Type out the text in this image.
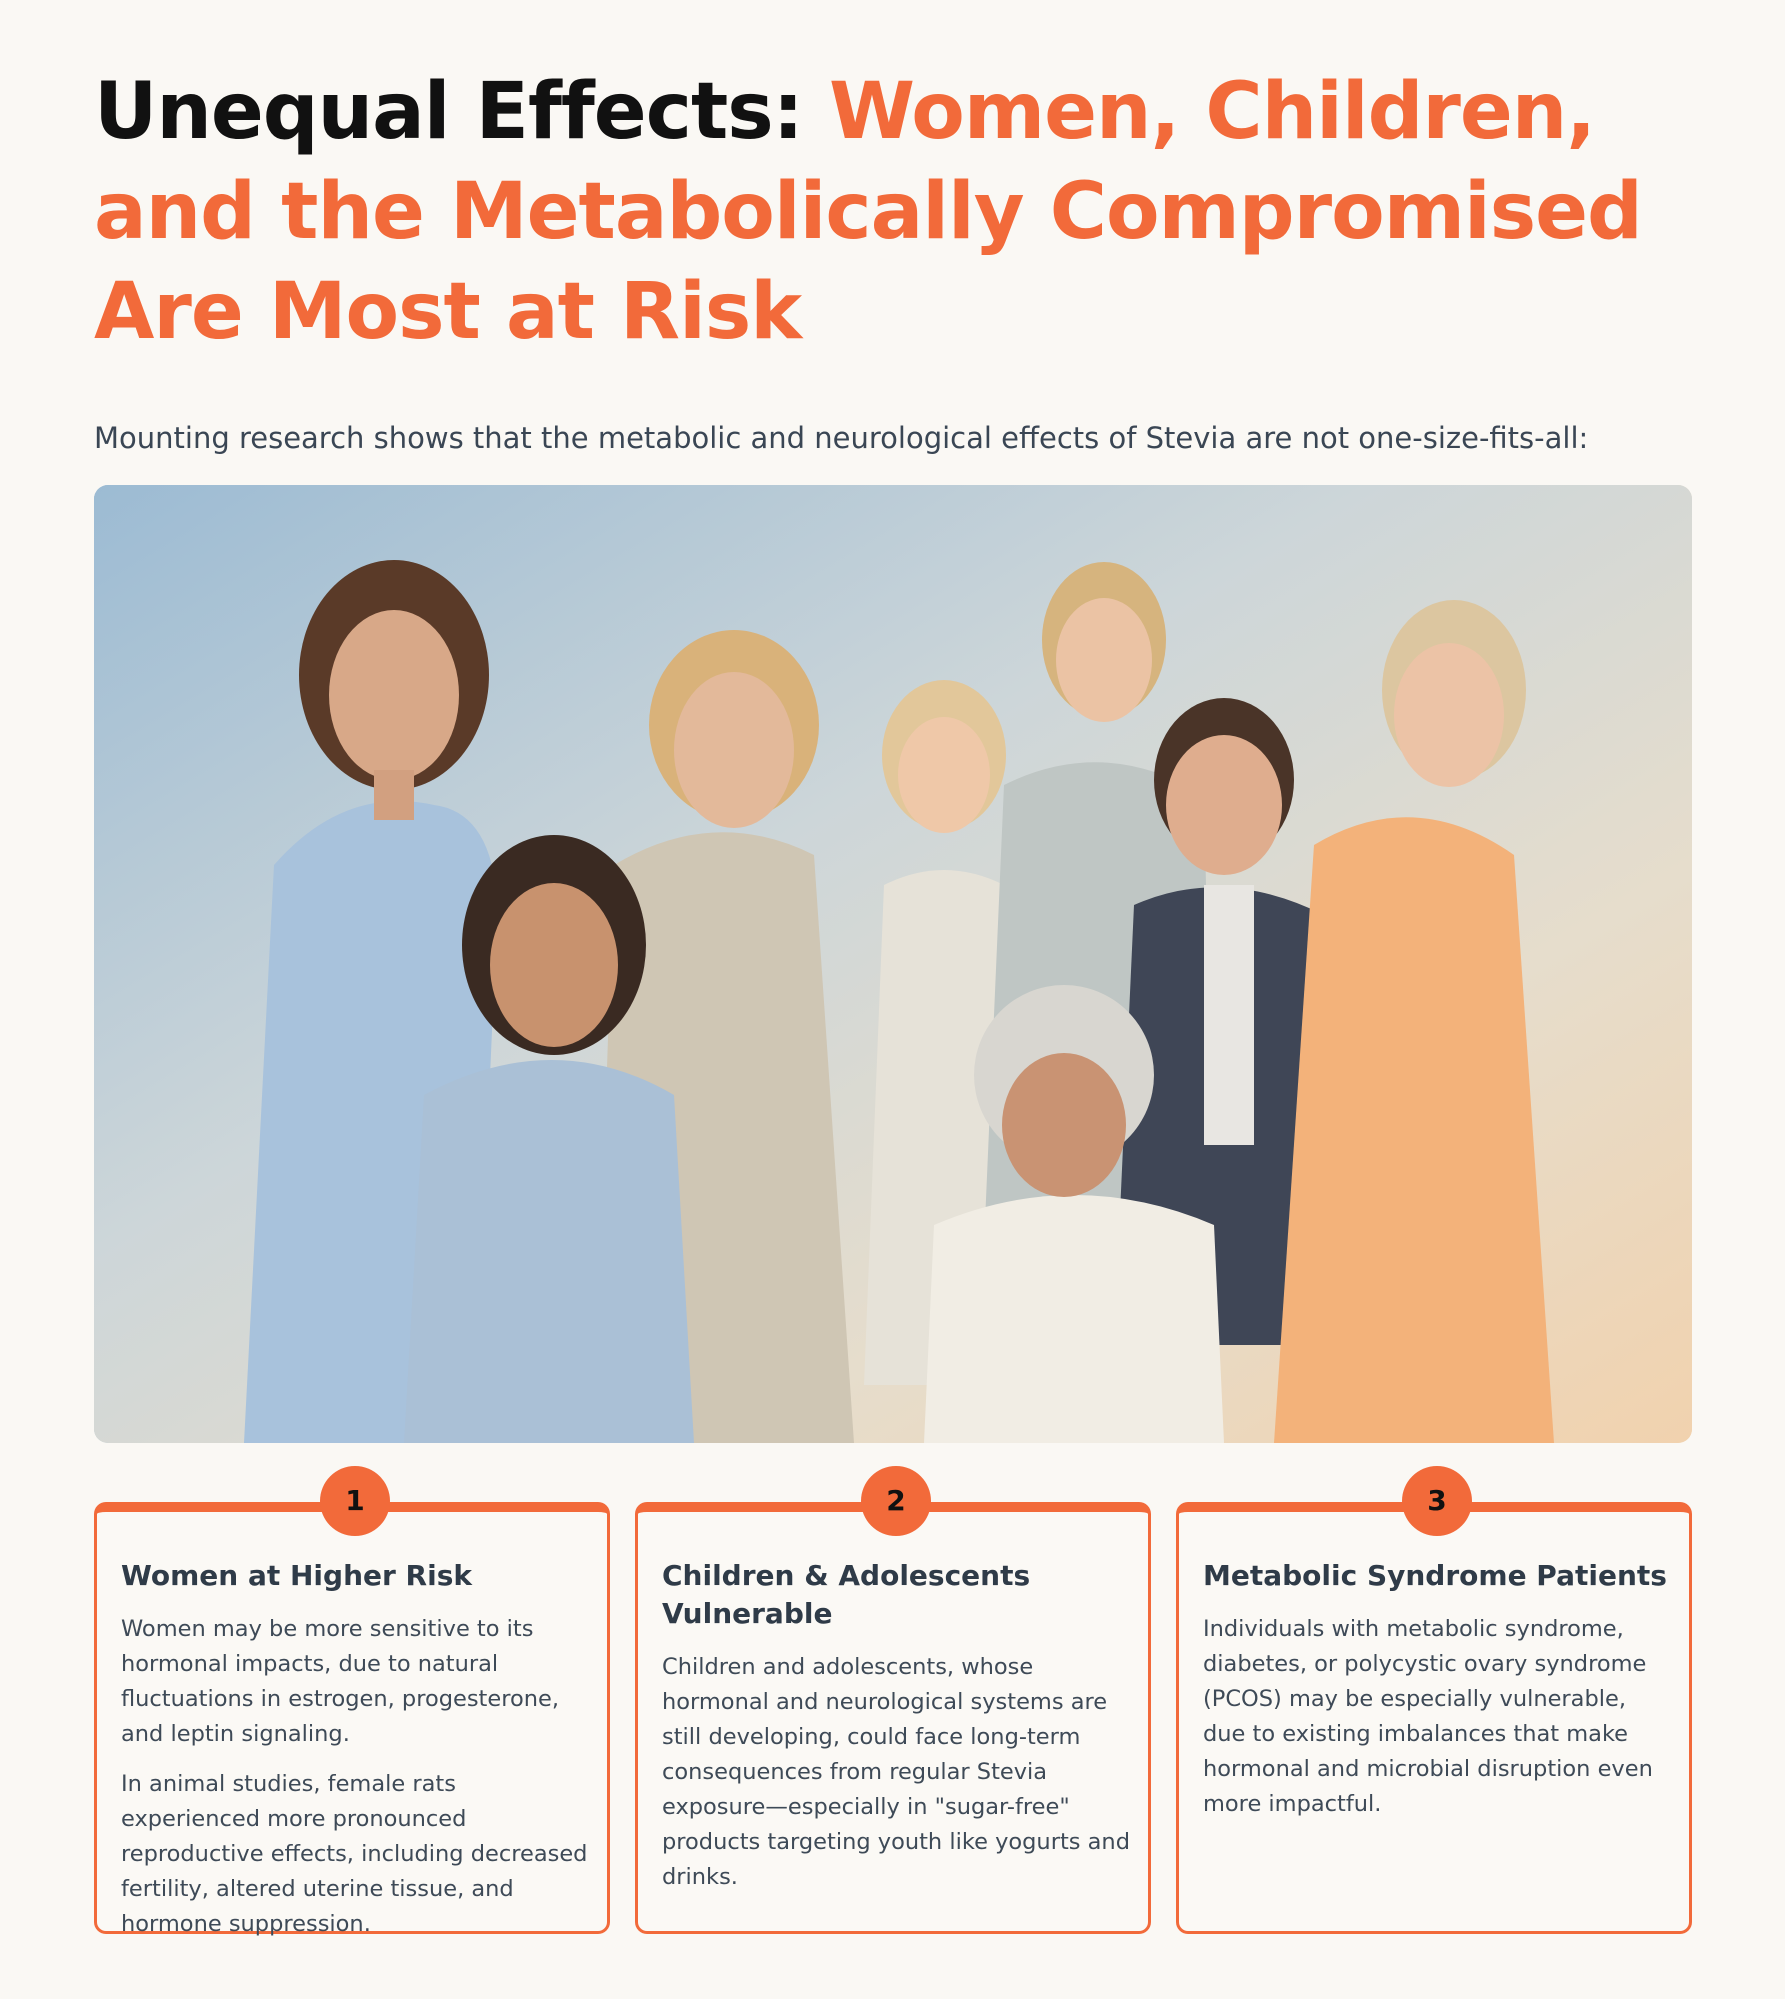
Unequal Effects: Women, Children, and the Metabolically Compromised Are Most at Risk

Mounting research shows that the metabolic and neurological effects of Stevia are not one-size-fits-all:

1
Women at Higher Risk

Women may be more sensitive to its hormonal impacts, due to natural fluctuations in estrogen, progesterone, and leptin signaling.

In animal studies, female rats experienced more pronounced reproductive effects, including decreased fertility, altered uterine tissue, and hormone suppression.

2
Children & Adolescents Vulnerable

Children and adolescents, whose hormonal and neurological systems are still developing, could face long-term consequences from regular Stevia exposure—especially in "sugar-free" products targeting youth like yogurts and drinks.

3
Metabolic Syndrome Patients

Individuals with metabolic syndrome, diabetes, or polycystic ovary syndrome (PCOS) may be especially vulnerable, due to existing imbalances that make hormonal and microbial disruption even more impactful.
